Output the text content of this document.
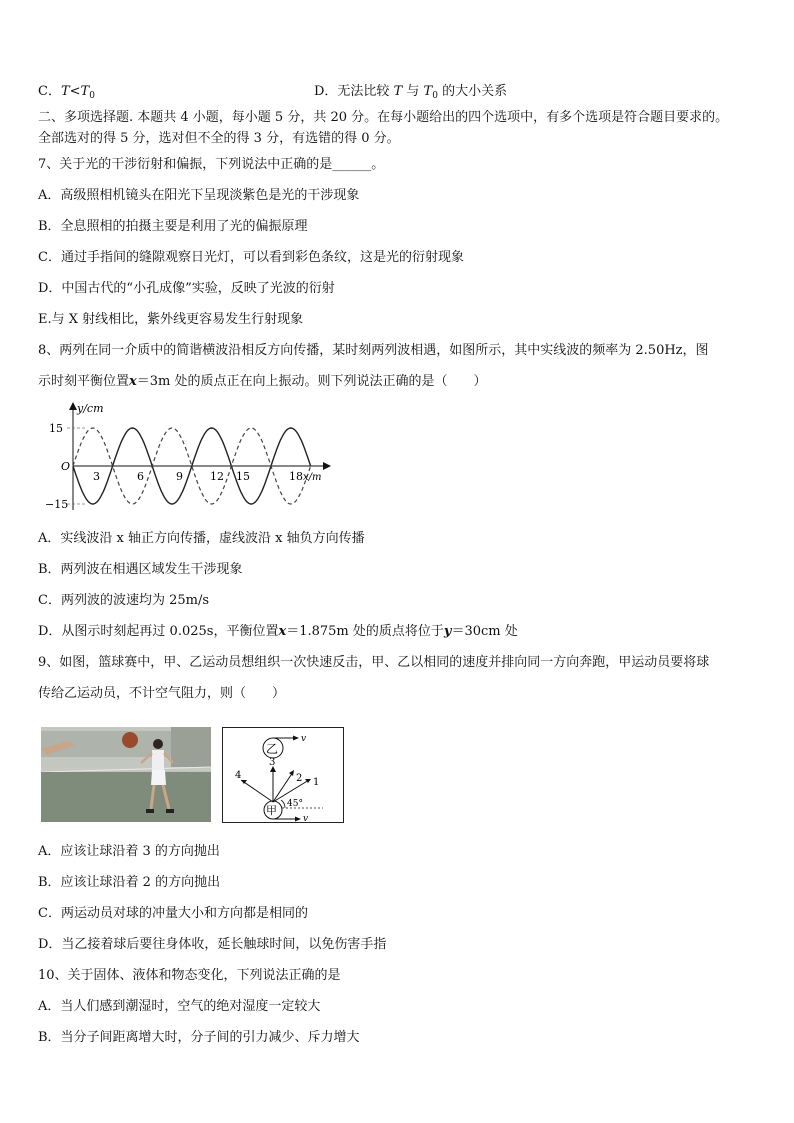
C．$T<T_0$	D．无法比较 T 与 $T_0$ 的大小关系
二、多项选择题. 本题共 4 小题，每小题 5 分，共 20 分。在每小题给出的四个选项中，有多个选项是符合题目要求的。
全部选对的得 5 分，选对但不全的得 3 分，有选错的得 0 分。
7、关于光的干涉衍射和偏振，下列说法中正确的是______。
A．高级照相机镜头在阳光下呈现淡紫色是光的干涉现象
B．全息照相的拍摄主要是利用了光的偏振原理
C．通过手指间的缝隙观察日光灯，可以看到彩色条纹，这是光的衍射现象
D．中国古代的“小孔成像”实验，反映了光波的衍射
E.与 X 射线相比，紫外线更容易发生行射现象
8、两列在同一介质中的简谐横波沿相反方向传播，某时刻两列波相遇，如图所示，其中实线波的频率为 2.50Hz，图
示时刻平衡位置x＝3m 处的质点正在向上振动。则下列说法正确的是（　　）
y/cm
O
15
−15
3	6	9 12 15	18 x/m
A．实线波沿 x 轴正方向传播，虚线波沿 x 轴负方向传播
B．两列波在相遇区域发生干涉现象
C．两列波的波速均为 25m/s
D．从图示时刻起再过 0.025s，平衡位置x＝1.875m 处的质点将位于y＝30cm 处
9、如图，篮球赛中，甲、乙运动员想组织一次快速反击，甲、乙以相同的速度并排向同一方向奔跑，甲运动员要将球
传给乙运动员，不计空气阻力，则（　　）
乙
v
甲
v
2 1
3
4
45°
A．应该让球沿着 3 的方向抛出
B．应该让球沿着 2 的方向抛出
C．两运动员对球的冲量大小和方向都是相同的
D．当乙接着球后要往身体收，延长触球时间，以免伤害手指
10、关于固体、液体和物态变化，下列说法正确的是
A．当人们感到潮湿时，空气的绝对湿度一定较大
B．当分子间距离增大时，分子间的引力减少、斥力增大
